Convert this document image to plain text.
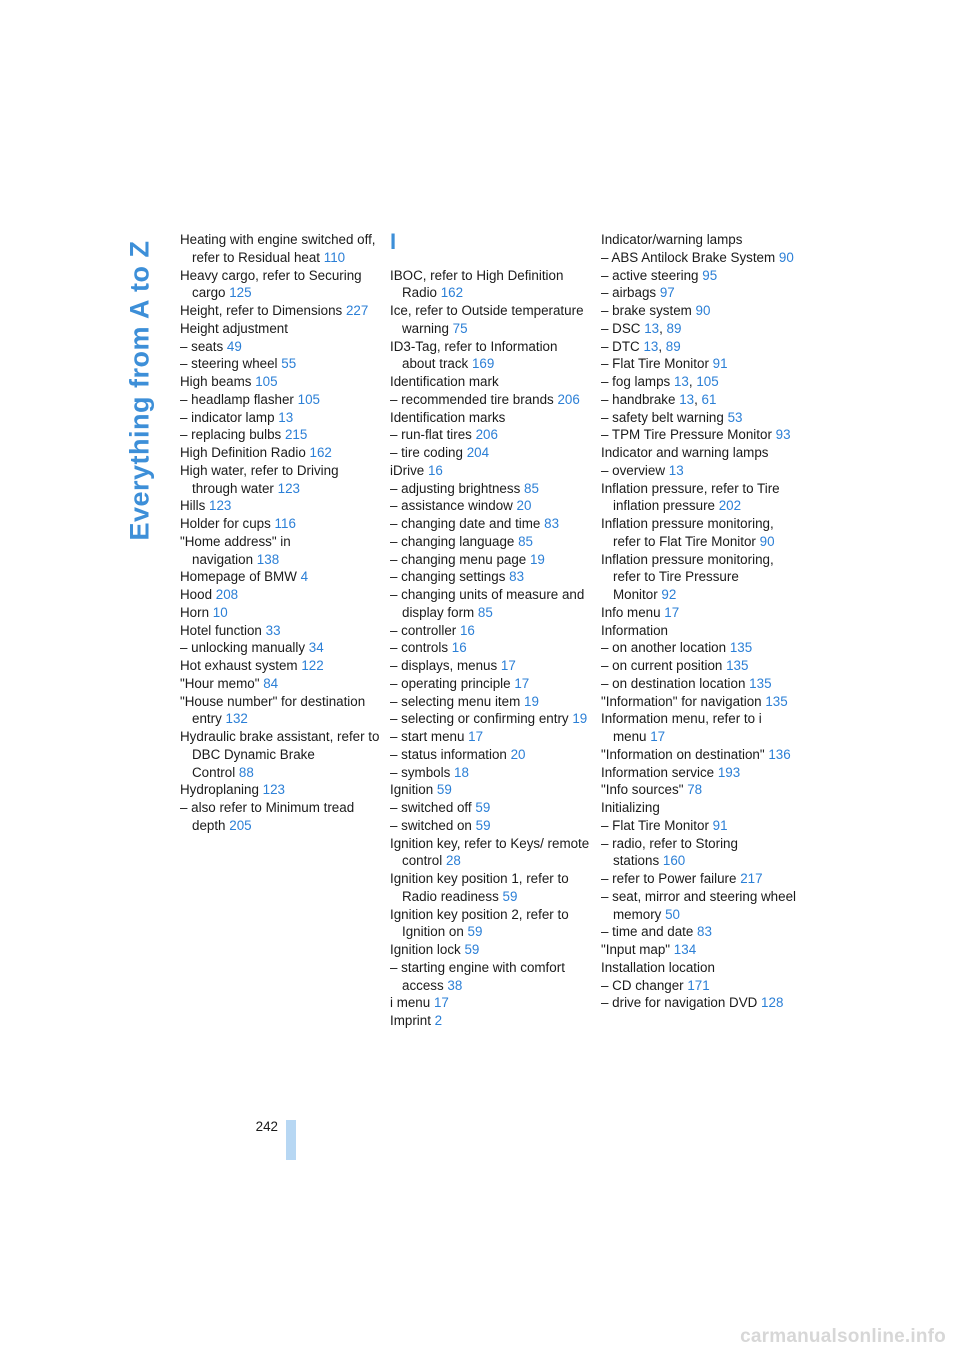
Everything from A to Z
Heating with engine switched off, refer to Residual heat 110
Heavy cargo, refer to Securing cargo 125
Height, refer to Dimensions 227
Height adjustment
– seats 49
– steering wheel 55
High beams 105
– headlamp flasher 105
– indicator lamp 13
– replacing bulbs 215
High Definition Radio 162
High water, refer to Driving through water 123
Hills 123
Holder for cups 116
"Home address" in navigation 138
Homepage of BMW 4
Hood 208
Horn 10
Hotel function 33
– unlocking manually 34
Hot exhaust system 122
"Hour memo" 84
"House number" for destination entry 132
Hydraulic brake assistant, refer to DBC Dynamic Brake Control 88
Hydroplaning 123
– also refer to Minimum tread depth 205
I
IBOC, refer to High Definition Radio 162
Ice, refer to Outside temperature warning 75
ID3-Tag, refer to Information about track 169
Identification mark
– recommended tire brands 206
Identification marks
– run-flat tires 206
– tire coding 204
iDrive 16
– adjusting brightness 85
– assistance window 20
– changing date and time 83
– changing language 85
– changing menu page 19
– changing settings 83
– changing units of measure and display form 85
– controller 16
– controls 16
– displays, menus 17
– operating principle 17
– selecting menu item 19
– selecting or confirming entry 19
– start menu 17
– status information 20
– symbols 18
Ignition 59
– switched off 59
– switched on 59
Ignition key, refer to Keys/ remote control 28
Ignition key position 1, refer to Radio readiness 59
Ignition key position 2, refer to Ignition on 59
Ignition lock 59
– starting engine with comfort access 38
i menu 17
Imprint 2
Indicator/warning lamps
– ABS Antilock Brake System 90
– active steering 95
– airbags 97
– brake system 90
– DSC 13, 89
– DTC 13, 89
– Flat Tire Monitor 91
– fog lamps 13, 105
– handbrake 13, 61
– safety belt warning 53
– TPM Tire Pressure Monitor 93
Indicator and warning lamps
– overview 13
Inflation pressure, refer to Tire inflation pressure 202
Inflation pressure monitoring, refer to Flat Tire Monitor 90
Inflation pressure monitoring, refer to Tire Pressure Monitor 92
Info menu 17
Information
– on another location 135
– on current position 135
– on destination location 135
"Information" for navigation 135
Information menu, refer to i menu 17
"Information on destination" 136
Information service 193
"Info sources" 78
Initializing
– Flat Tire Monitor 91
– radio, refer to Storing stations 160
– refer to Power failure 217
– seat, mirror and steering wheel memory 50
– time and date 83
"Input map" 134
Installation location
– CD changer 171
– drive for navigation DVD 128
242
carmanualsonline.info
